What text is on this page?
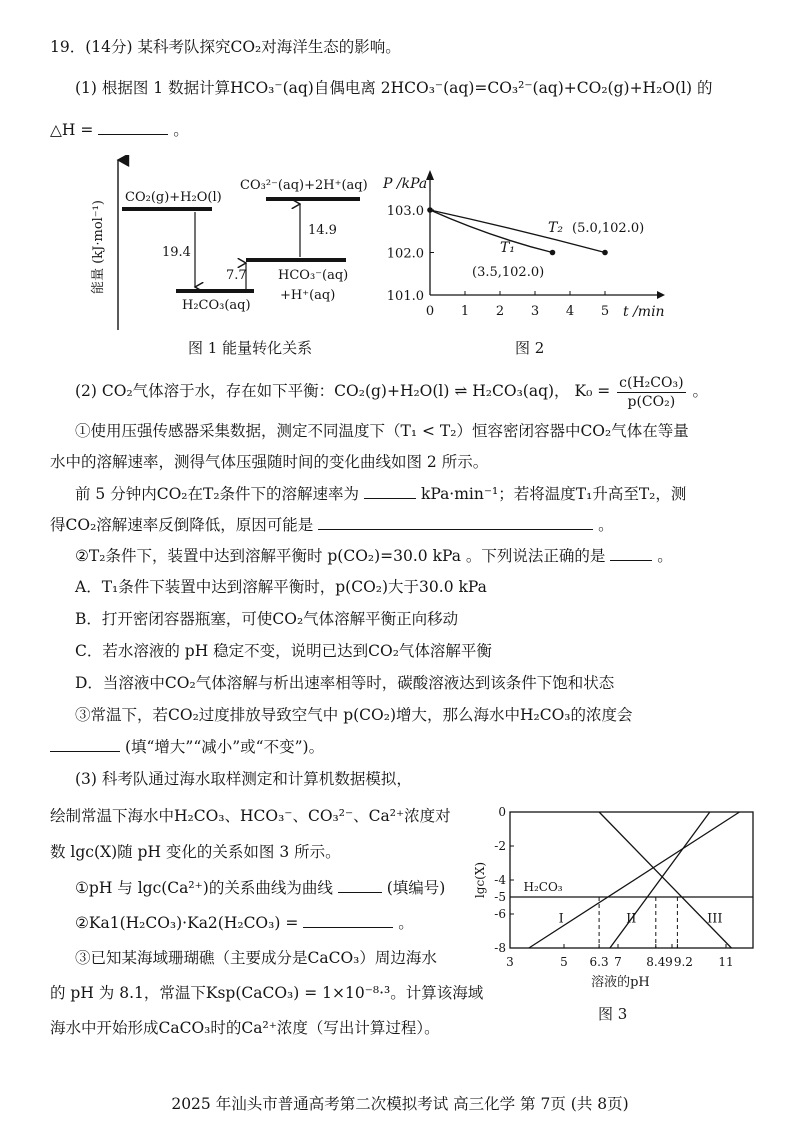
19．(14分) 某科考队探究CO₂对海洋生态的影响。
(1) 根据图 1 数据计算HCO₃⁻(aq)自偶电离 2HCO₃⁻(aq)=CO₃²⁻(aq)+CO₂(g)+H₂O(l) 的
△H =	。
能量 (kJ·mol⁻¹)
CO₂(g)+H₂O(l)
H₂CO₃(aq)
HCO₃⁻(aq)
+H⁺(aq)
CO₃²⁻(aq)+2H⁺(aq)
19.4
7.7
14.9
图 1 能量转化关系
P /kPa
t /min
0 1 2 3 4 5
101.0
102.0
103.0
T₂ (5.0,102.0)
T₁
(3.5,102.0)
图 2
(2) CO₂气体溶于水，存在如下平衡：CO₂(g)+H₂O(l) ⇌ H₂CO₃(aq)， $K_0 = \frac{\text{c(H₂CO₃)}}{\text{p(CO₂)}}$ 。
①使用压强传感器采集数据，测定不同温度下（T₁ < T₂）恒容密闭容器中CO₂气体在等量
水中的溶解速率，测得气体压强随时间的变化曲线如图 2 所示。
前 5 分钟内CO₂在T₂条件下的溶解速率为	kPa·min⁻¹；若将温度T₁升高至T₂，测
得CO₂溶解速率反倒降低，原因可能是	。
②T₂条件下，装置中达到溶解平衡时 p(CO₂)=30.0 kPa 。下列说法正确的是	。
A．T₁条件下装置中达到溶解平衡时，p(CO₂)大于30.0 kPa
B．打开密闭容器瓶塞，可使CO₂气体溶解平衡正向移动
C．若水溶液的 pH 稳定不变，说明已达到CO₂气体溶解平衡
D．当溶液中CO₂气体溶解与析出速率相等时，碳酸溶液达到该条件下饱和状态
③常温下，若CO₂过度排放导致空气中 p(CO₂)增大，那么海水中H₂CO₃的浓度会
(填“增大”“减小”或“不变”)。
(3) 科考队通过海水取样测定和计算机数据模拟，
绘制常温下海水中H₂CO₃、HCO₃⁻、CO₃²⁻、Ca²⁺浓度对
数 lgc(X)随 pH 变化的关系如图 3 所示。
①pH 与 lgc(Ca²⁺)的关系曲线为曲线	(填编号)
②Ka1(H₂CO₃)·Ka2(H₂CO₃) =	。
③已知某海域珊瑚礁（主要成分是CaCO₃）周边海水
的 pH 为 8.1，常温下Ksp(CaCO₃) = 1×10⁻⁸·³。计算该海域
海水中开始形成CaCO₃时的Ca²⁺浓度（写出计算过程）。
lgc(X)
溶液的pH
0
-2
-4
-5
-6
-8
3	5 6.3 7 8.4 9 9.2 11
H₂CO₃
I	II	III
图 3
2025 年汕头市普通高考第二次模拟考试 高三化学 第 7页 (共 8页)
